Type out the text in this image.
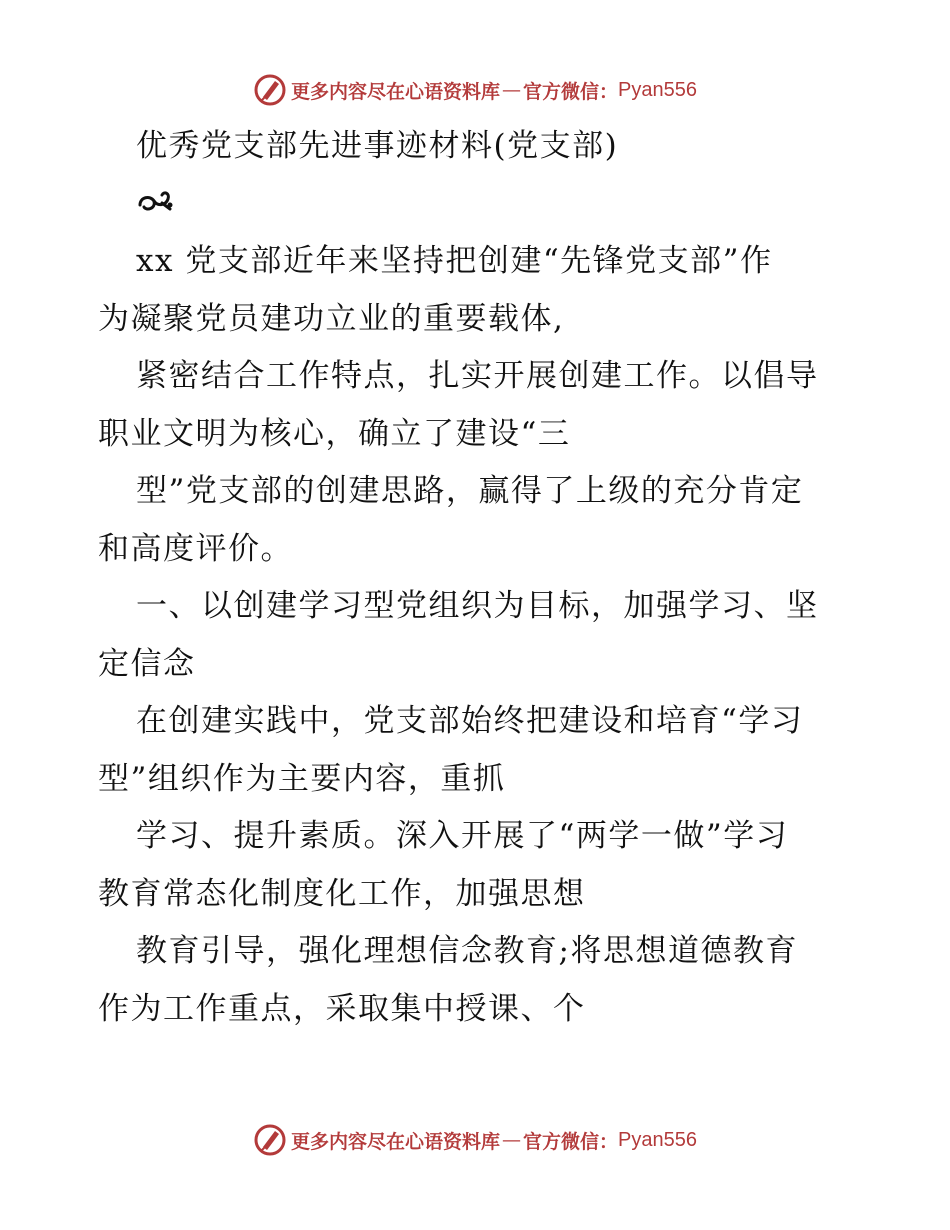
更多内容尽在心语资料库 — 官方微信： Pyan556
优秀党支部先进事迹材料(党支部)
xx 党支部近年来坚持把创建“先锋党支部”作
为凝聚党员建功立业的重要载体,
紧密结合工作特点，扎实开展创建工作。以倡导
职业文明为核心，确立了建设“三
型”党支部的创建思路，赢得了上级的充分肯定
和高度评价。
一、以创建学习型党组织为目标，加强学习、坚
定信念
在创建实践中，党支部始终把建设和培育“学习
型”组织作为主要内容，重抓
学习、提升素质。深入开展了“两学一做”学习
教育常态化制度化工作，加强思想
教育引导，强化理想信念教育;将思想道德教育
作为工作重点，采取集中授课、个
更多内容尽在心语资料库 — 官方微信： Pyan556
